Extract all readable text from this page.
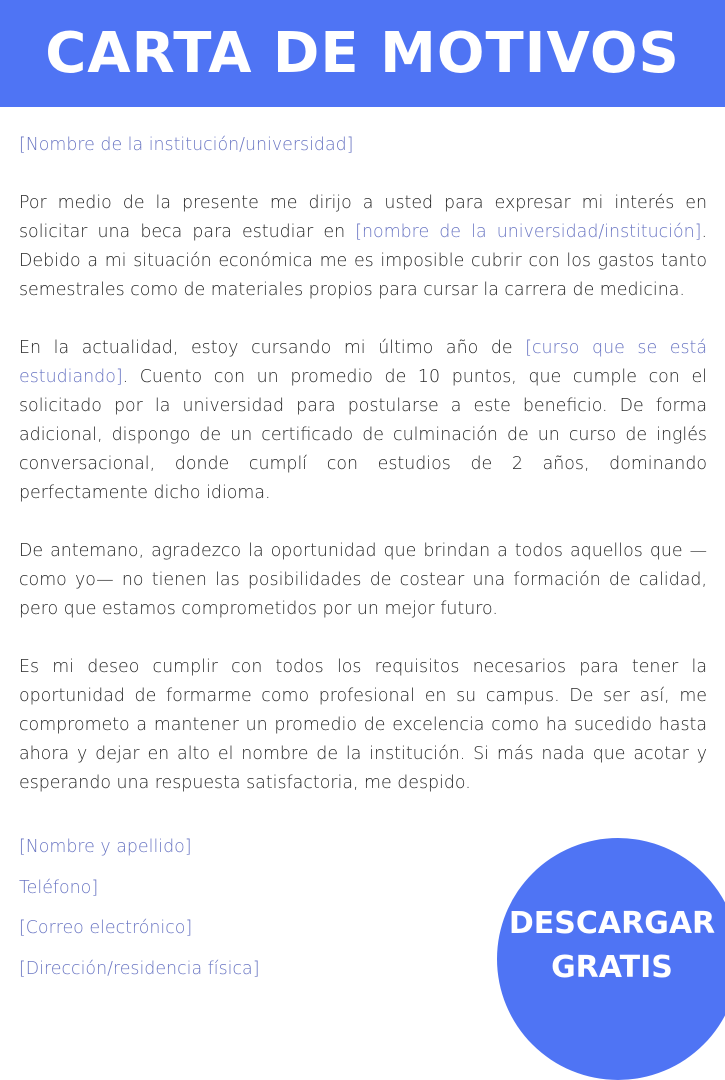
CARTA DE MOTIVOS

[Nombre de la institución/universidad]

Por medio de la presente me dirijo a usted para expresar mi interés en solicitar una beca para estudiar en [nombre de la universidad/institución]. Debido a mi situación económica me es imposible cubrir con los gastos tanto semestrales como de materiales propios para cursar la carrera de medicina.

En la actualidad, estoy cursando mi último año de [curso que se está estudiando]. Cuento con un promedio de 10 puntos, que cumple con el solicitado por la universidad para postularse a este beneficio. De forma adicional, dispongo de un certificado de culminación de un curso de inglés conversacional, donde cumplí con estudios de 2 años, dominando perfectamente dicho idioma.

De antemano, agradezco la oportunidad que brindan a todos aquellos que —como yo— no tienen las posibilidades de costear una formación de calidad, pero que estamos comprometidos por un mejor futuro.

Es mi deseo cumplir con todos los requisitos necesarios para tener la oportunidad de formarme como profesional en su campus. De ser así, me comprometo a mantener un promedio de excelencia como ha sucedido hasta ahora y dejar en alto el nombre de la institución. Si más nada que acotar y esperando una respuesta satisfactoria, me despido.

[Nombre y apellido]

Teléfono]

[Correo electrónico]

[Dirección/residencia física]

DESCARGAR
GRATIS
